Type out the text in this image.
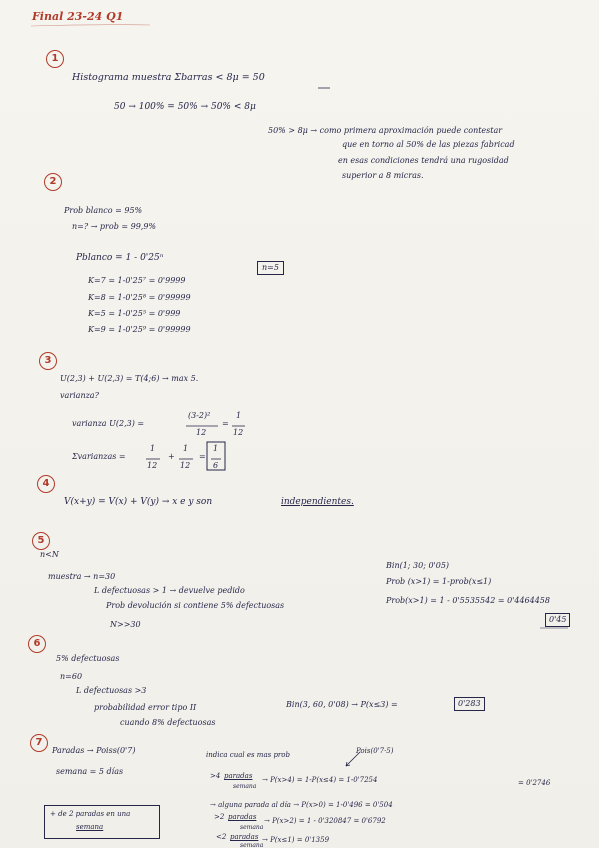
Final 23-24 Q1
1
Histograma muestra Σbarras < 8μ = 50
50 → 100% = 50% → 50% < 8μ
50% > 8μ → como primera aproximación puede contestar
que en torno al 50% de las piezas fabricad
en esas condiciones tendrá una rugosidad
superior a 8 micras.
2
Prob blanco = 95%
n=? → prob = 99,9%
Pblanco = 1 - 0'25ⁿ
n=5
K=7 = 1-0'25⁷ = 0'9999
K=8 = 1-0'25⁸ = 0'99999
K=5 = 1-0'25⁵ = 0'999
K=9 = 1-0'25⁹ = 0'99999
3
U(2,3) + U(2,3) = T(4;6) → max 5.
varianza?
varianza U(2,3) =
(3-2)²
12
=
1
12
Σvarianzas =
1
12
+
1
12
=
1
6
4
V(x+y) = V(x) + V(y) → x e y son	independientes.
5
n<N
muestra → n=30
L defectuosas > 1 → devuelve pedido
Prob devolución si contiene 5% defectuosas
N>>30
Bin(1; 30; 0'05)
Prob (x>1) = 1-prob(x≤1)
Prob(x>1) = 1 - 0'5535542 = 0'4464458
0'45
6
5% defectuosas
n=60
L defectuosas >3
probabilidad error tipo II
cuando 8% defectuosas
Bin(3, 60, 0'08) → P(x≤3) =	0'283
7
Paradas → Poiss(0'7)
semana = 5 días
indica cual es mas prob	Pois(0'7·5)
>4 paradas
semana
→ P(x>4) = 1-P(x≤4) = 1-0'7254	= 0'2746
→ alguna parada al día → P(x>0) = 1-0'496 = 0'504
>2 paradas
semana
→ P(x>2) = 1 - 0'320847 = 0'6792
<2 paradas
semana
→ P(x≤1) = 0'1359
+ de 2 paradas en una
semana
